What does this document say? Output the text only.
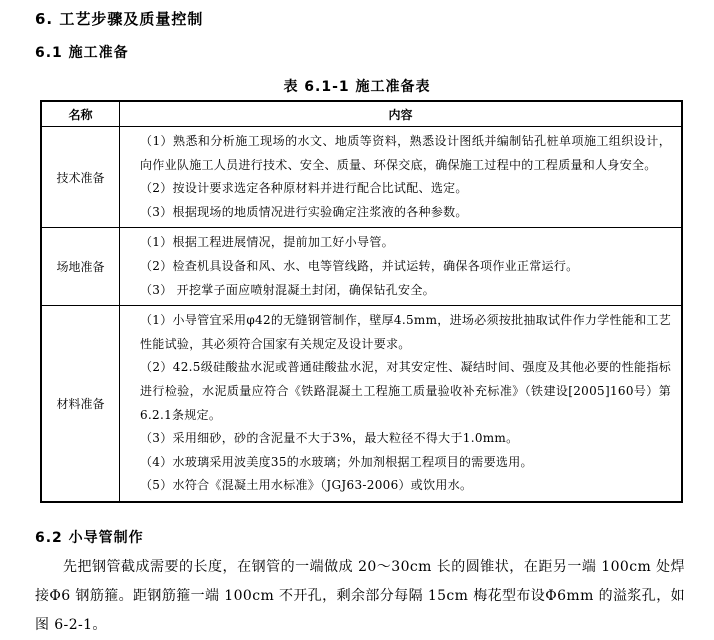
6. 工艺步骤及质量控制
6.1 施工准备
表 6.1-1 施工准备表
名称	内容
技术准备	（1）熟悉和分析施工现场的水文、地质等资料，熟悉设计图纸并编制钻孔桩单项施工组织设计，向作业队施工人员进行技术、安全、质量、环保交底，确保施工过程中的工程质量和人身安全。

（2）按设计要求选定各种原材料并进行配合比试配、选定。

（3）根据现场的地质情况进行实验确定注浆液的各种参数。

场地准备	（1）根据工程进展情况，提前加工好小导管。

（2）检查机具设备和风、水、电等管线路，并试运转，确保各项作业正常运行。

（3） 开挖掌子面应喷射混凝土封闭，确保钻孔安全。

材料准备	（1）小导管宜采用φ42的无缝钢管制作，壁厚4.5mm，进场必须按批抽取试件作力学性能和工艺性能试验，其必须符合国家有关规定及设计要求。

（2）42.5级硅酸盐水泥或普通硅酸盐水泥，对其安定性、凝结时间、强度及其他必要的性能指标进行检验，水泥质量应符合《铁路混凝土工程施工质量验收补充标准》（铁建设[2005]160号）第6.2.1条规定。

（3）采用细砂，砂的含泥量不大于3%，最大粒径不得大于1.0mm。

（4）水玻璃采用波美度35的水玻璃；外加剂根据工程项目的需要选用。

（5）水符合《混凝土用水标准》（JGJ63-2006）或饮用水。

6.2 小导管制作

先把钢管截成需要的长度，在钢管的一端做成 20～30cm 长的圆锥状，在距另一端 100cm 处焊接Φ6 钢筋箍。距钢筋箍一端 100cm 不开孔，剩余部分每隔 15cm 梅花型布设Φ6mm 的溢浆孔，如图 6-2-1。
